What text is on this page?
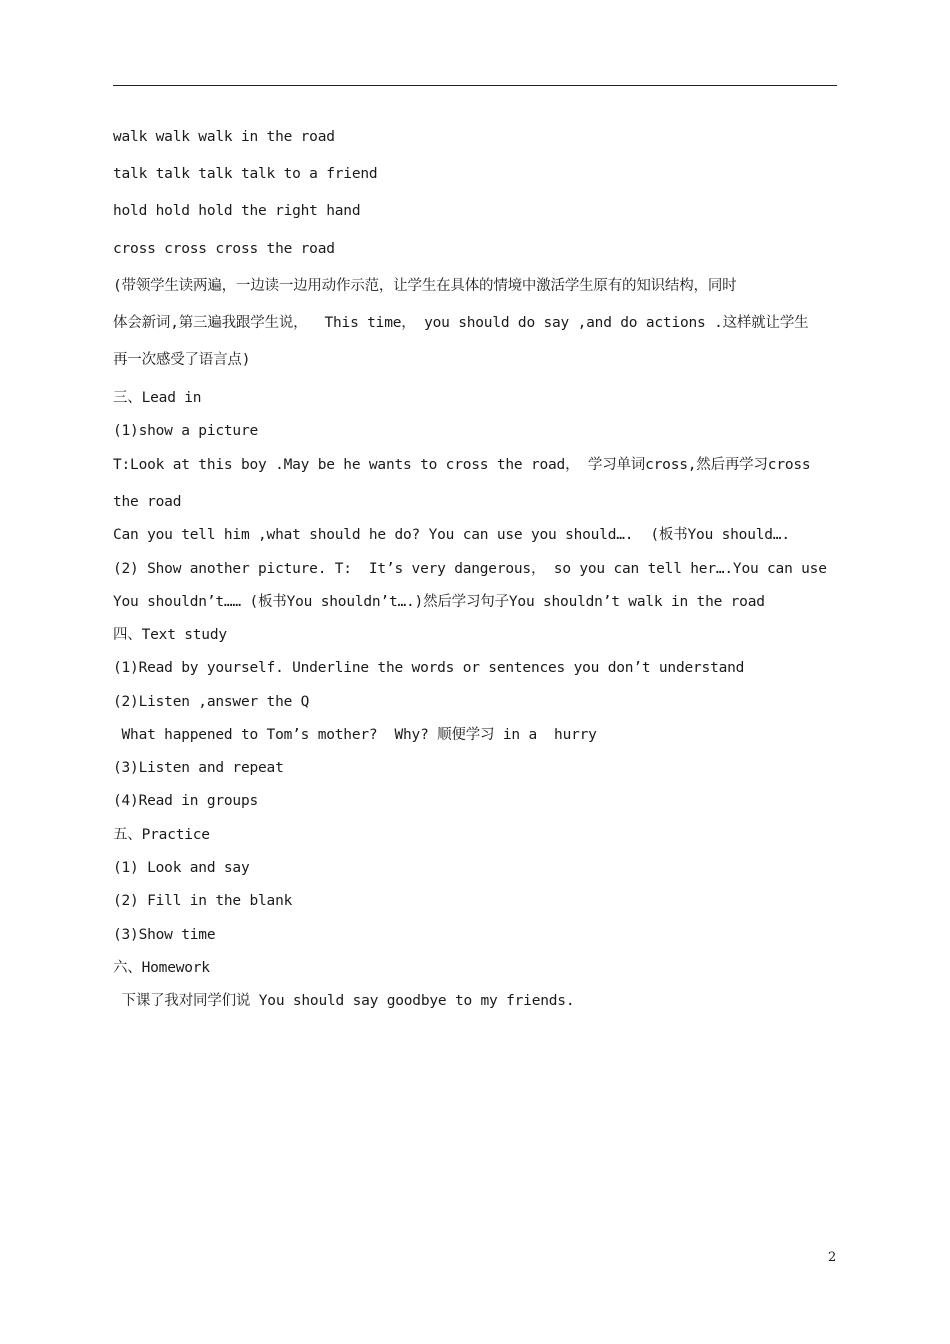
walk walk walk in the road
talk talk talk talk to a friend
hold hold hold the right hand
cross cross cross the road
(带领学生读两遍，一边读一边用动作示范，让学生在具体的情境中激活学生原有的知识结构，同时
体会新词,第三遍我跟学生说，  This time， you should do say ,and do actions .这样就让学生
再一次感受了语言点)
三、Lead in
(1)show a picture
T:Look at this boy .May be he wants to cross the road， 学习单词cross,然后再学习cross
the road
Can you tell him ,what should he do? You can use you should….  (板书You should….
(2) Show another picture. T:  It’s very dangerous， so you can tell her….You can use
You shouldn’t…… (板书You shouldn’t….)然后学习句子You shouldn’t walk in the road
四、Text study
(1)Read by yourself. Underline the words or sentences you don’t understand
(2)Listen ,answer the Q
What happened to Tom’s mother?  Why? 顺便学习 in a  hurry
(3)Listen and repeat
(4)Read in groups
五、Practice
(1) Look and say
(2) Fill in the blank
(3)Show time
六、Homework
下课了我对同学们说 You should say goodbye to my friends.
2
